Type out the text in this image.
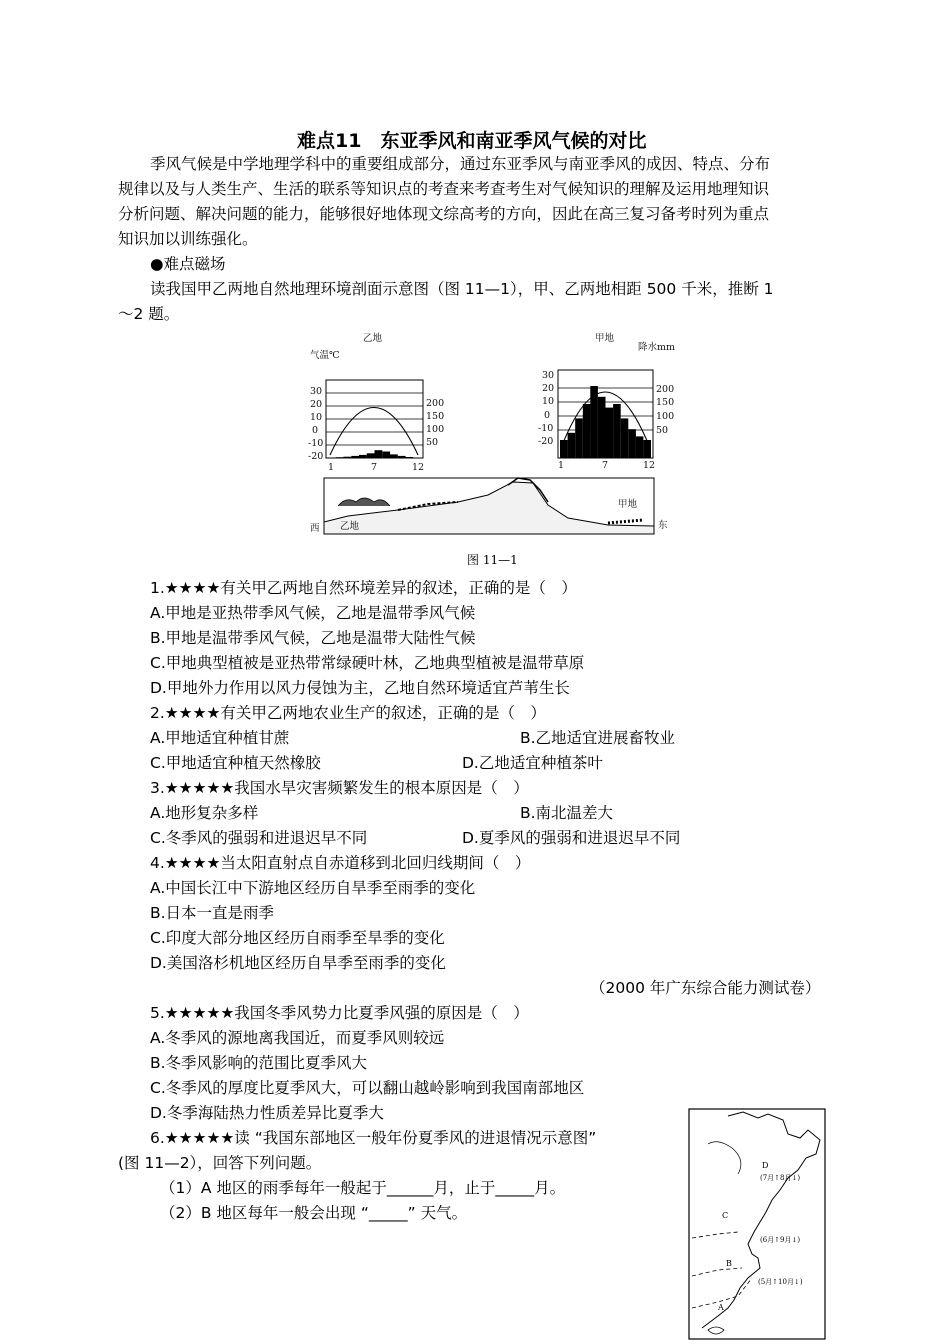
难点11　东亚季风和南亚季风气候的对比
季风气候是中学地理学科中的重要组成部分，通过东亚季风与南亚季风的成因、特点、分布
规律以及与人类生产、生活的联系等知识点的考查来考查考生对气候知识的理解及运用地理知识
分析问题、解决问题的能力，能够很好地体现文综高考的方向，因此在高三复习备考时列为重点
知识加以训练强化。
●难点磁场
读我国甲乙两地自然地理环境剖面示意图（图 11—1），甲、乙两地相距 500 千米，推断 1
～2 题。
乙地
气温℃
30
20
10
0
-10
-20
200
150
100
50
1	7	12
甲地
降水mm
30
20
10
0
-10
-20
200
150
100
50
1	7	12
西	东
乙地
甲地
图 11—1
1.★★★★有关甲乙两地自然环境差异的叙述，正确的是（　）
A.甲地是亚热带季风气候，乙地是温带季风气候
B.甲地是温带季风气候，乙地是温带大陆性气候
C.甲地典型植被是亚热带常绿硬叶林，乙地典型植被是温带草原
D.甲地外力作用以风力侵蚀为主，乙地自然环境适宜芦苇生长
2.★★★★有关甲乙两地农业生产的叙述，正确的是（　）
A.甲地适宜种植甘蔗	B.乙地适宜进展畜牧业
C.甲地适宜种植天然橡胶	D.乙地适宜种植茶叶
3.★★★★★我国水旱灾害频繁发生的根本原因是（　）
A.地形复杂多样	B.南北温差大
C.冬季风的强弱和进退迟早不同	D.夏季风的强弱和进退迟早不同
4.★★★★当太阳直射点自赤道移到北回归线期间（　）
A.中国长江中下游地区经历自旱季至雨季的变化
B.日本一直是雨季
C.印度大部分地区经历自雨季至旱季的变化
D.美国洛杉机地区经历自旱季至雨季的变化
（2000 年广东综合能力测试卷）
5.★★★★★我国冬季风势力比夏季风强的原因是（　）
A.冬季风的源地离我国近，而夏季风则较远
B.冬季风影响的范围比夏季风大
C.冬季风的厚度比夏季风大，可以翻山越岭影响到我国南部地区
D.冬季海陆热力性质差异比夏季大
6.★★★★★读 “我国东部地区一般年份夏季风的进退情况示意图”
(图 11—2），回答下列问题。
（1）A 地区的雨季每年一般起于______月，止于_____月。
（2）B 地区每年一般会出现 “_____” 天气。
D
(7月↑8月↓)
C
(6月↑9月↓)
B
(5月↑10月↓)
A
